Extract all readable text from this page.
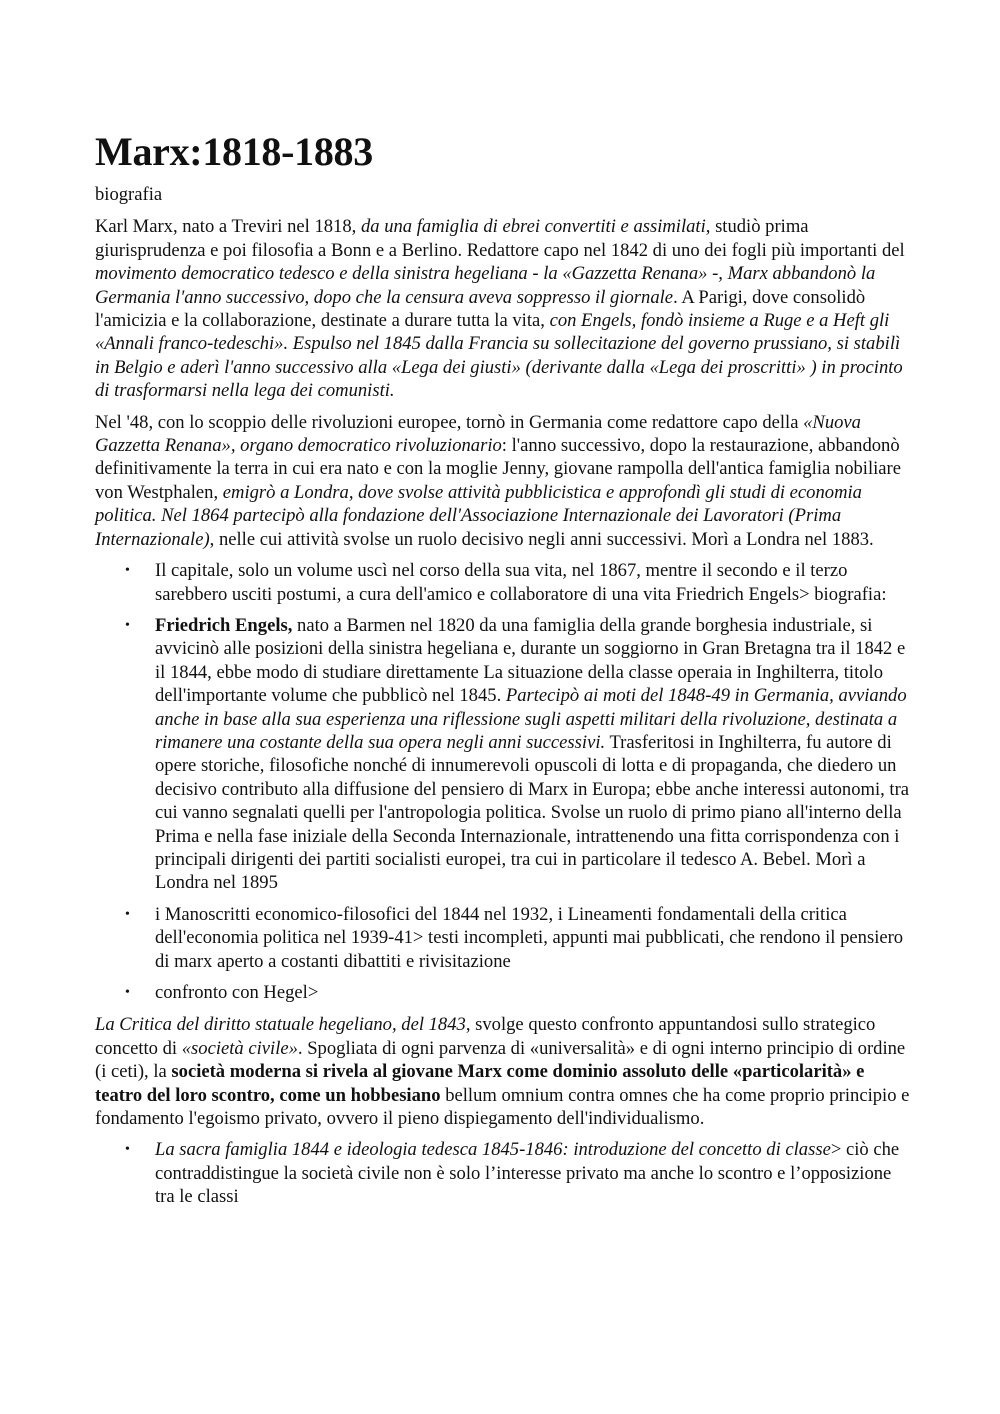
Marx:1818-1883

biografia

Karl Marx, nato a Treviri nel 1818, da una famiglia di ebrei convertiti e assimilati, studiò prima giurisprudenza e poi filosofia a Bonn e a Berlino. Redattore capo nel 1842 di uno dei fogli più importanti del movimento democratico tedesco e della sinistra hegeliana - la «Gazzetta Renana» -, Marx abbandonò la Germania l'anno successivo, dopo che la censura aveva soppresso il giornale. A Parigi, dove consolidò l'amicizia e la collaborazione, destinate a durare tutta la vita, con Engels, fondò insieme a Ruge e a Heft gli «Annali franco-tedeschi». Espulso nel 1845 dalla Francia su sollecitazione del governo prussiano, si stabilì in Belgio e aderì l'anno successivo alla «Lega dei giusti» (derivante dalla «Lega dei proscritti» ) in procinto di trasformarsi nella lega dei comunisti.

Nel '48, con lo scoppio delle rivoluzioni europee, tornò in Germania come redattore capo della «Nuova Gazzetta Renana», organo democratico rivoluzionario: l'anno successivo, dopo la restaurazione, abbandonò definitivamente la terra in cui era nato e con la moglie Jenny, giovane rampolla dell'antica famiglia nobiliare von Westphalen, emigrò a Londra, dove svolse attività pubblicistica e approfondì gli studi di economia politica. Nel 1864 partecipò alla fondazione dell'Associazione Internazionale dei Lavoratori (Prima Internazionale), nelle cui attività svolse un ruolo decisivo negli anni successivi. Morì a Londra nel 1883.

• Il capitale, solo un volume uscì nel corso della sua vita, nel 1867, mentre il secondo e il terzo sarebbero usciti postumi, a cura dell'amico e collaboratore di una vita Friedrich Engels> biografia:
• Friedrich Engels, nato a Barmen nel 1820 da una famiglia della grande borghesia industriale, si avvicinò alle posizioni della sinistra hegeliana e, durante un soggiorno in Gran Bretagna tra il 1842 e il 1844, ebbe modo di studiare direttamente La situazione della classe operaia in Inghilterra, titolo dell'importante volume che pubblicò nel 1845. Partecipò ai moti del 1848-49 in Germania, avviando anche in base alla sua esperienza una riflessione sugli aspetti militari della rivoluzione, destinata a rimanere una costante della sua opera negli anni successivi. Trasferitosi in Inghilterra, fu autore di opere storiche, filosofiche nonché di innumerevoli opuscoli di lotta e di propaganda, che diedero un decisivo contributo alla diffusione del pensiero di Marx in Europa; ebbe anche interessi autonomi, tra cui vanno segnalati quelli per l'antropologia politica. Svolse un ruolo di primo piano all'interno della Prima e nella fase iniziale della Seconda Internazionale, intrattenendo una fitta corrispondenza con i principali dirigenti dei partiti socialisti europei, tra cui in particolare il tedesco A. Bebel. Morì a Londra nel 1895
• i Manoscritti economico-filosofici del 1844 nel 1932, i Lineamenti fondamentali della critica dell'economia politica nel 1939-41> testi incompleti, appunti mai pubblicati, che rendono il pensiero di marx aperto a costanti dibattiti e rivisitazione
• confronto con Hegel>

La Critica del diritto statuale hegeliano, del 1843, svolge questo confronto appuntandosi sullo strategico concetto di «società civile». Spogliata di ogni parvenza di «universalità» e di ogni interno principio di ordine (i ceti), la società moderna si rivela al giovane Marx come dominio assoluto delle «particolarità» e teatro del loro scontro, come un hobbesiano bellum omnium contra omnes che ha come proprio principio e fondamento l'egoismo privato, ovvero il pieno dispiegamento dell'individualismo.

• La sacra famiglia 1844 e ideologia tedesca 1845-1846: introduzione del concetto di classe> ciò che contraddistingue la società civile non è solo l’interesse privato ma anche lo scontro e l’opposizione tra le classi
